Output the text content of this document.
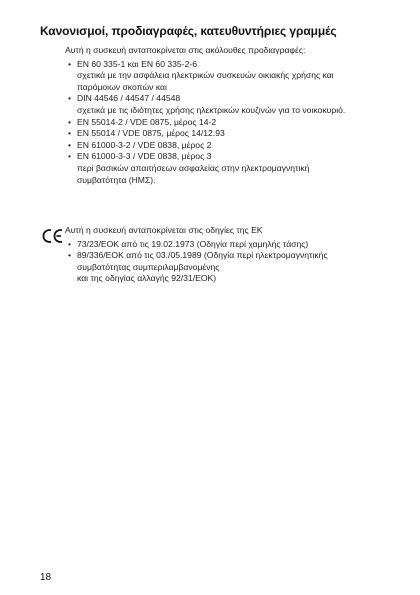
Κανονισμοί, προδιαγραφές, κατευθυντήριες γραμμές

Αυτή η συσκευή ανταποκρίνεται στις ακόλουθες προδιαγραφές:

• EN 60 335-1 και EN 60 335-2-6
σχετικά με την ασφάλεια ηλεκτρικών συσκευών οικιακής χρήσης και
παρόμοιων σκοπών και
• DIN 44546 / 44547 / 44548
σχετικά με τις ιδιότητες χρήσης ηλεκτρικών κουζινών για το νοικοκυριό.
• EN 55014-2 / VDE 0875, μέρος 14-2
• EN 55014 / VDE 0875, μέρος 14/12.93
• EN 61000-3-2 / VDE 0838, μέρος 2
• EN 61000-3-3 / VDE 0838, μέρος 3
περί βασικών απαιτήσεων ασφαλείας στην ηλεκτρομαγνητική
συμβατότητα (ΗΜΣ).

Αυτή η συσκευή ανταποκρίνεται στις οδηγίες της ΕΚ

• 73/23/ΕΟΚ από τις 19.02.1973 (Οδηγία περί χαμηλής τάσης)
• 89/336/ΕΟΚ από τις 03./05.1989 (Οδηγία περί ηλεκτρομαγνητικής
συμβατότητας συμπεριλαμβανομένης
και της οδηγίας αλλαγής 92/31/ΕΟΚ)
18
